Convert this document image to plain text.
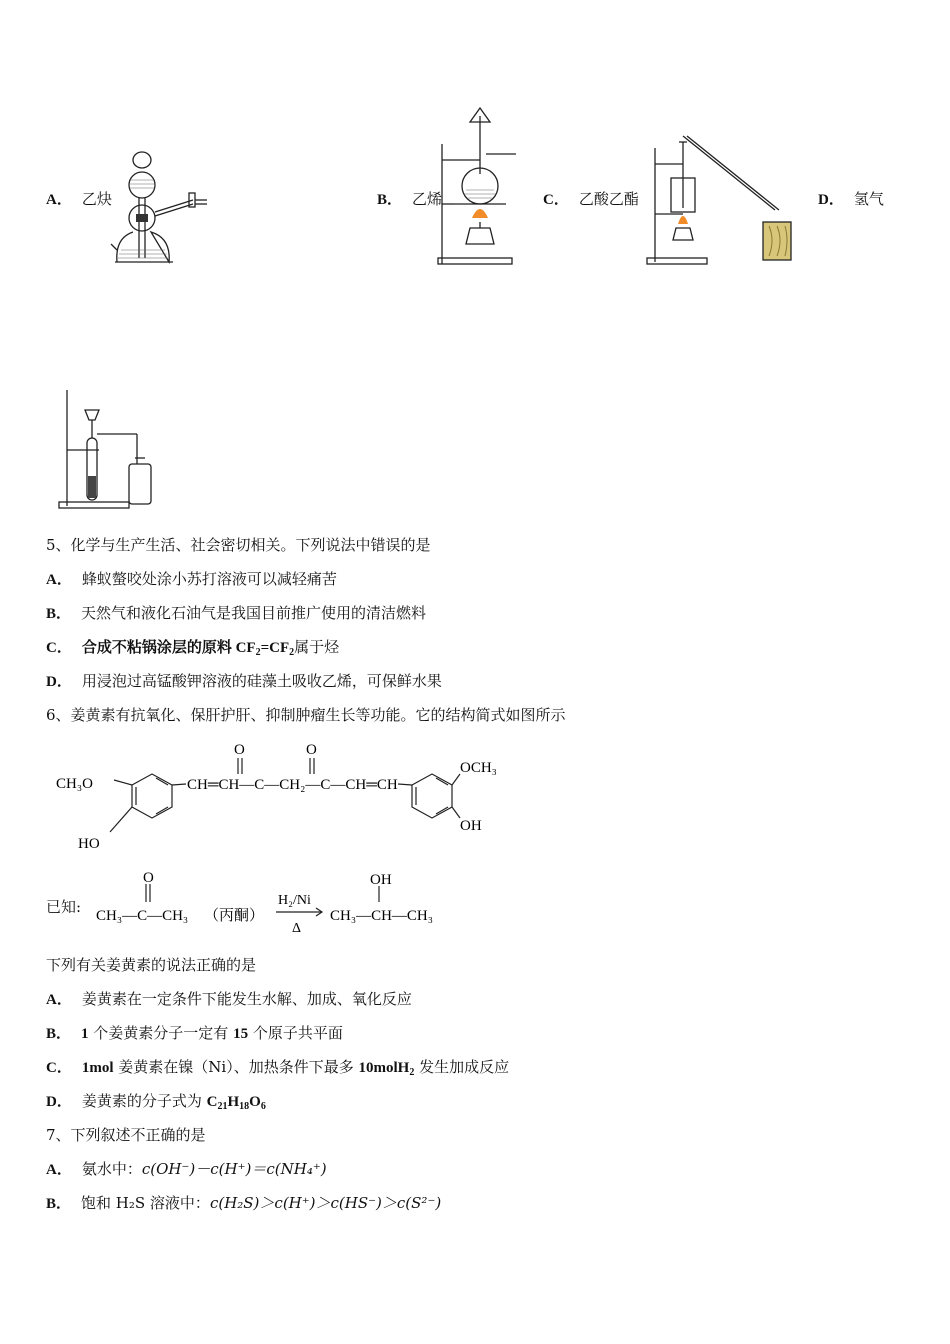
A． 乙炔	B． 乙烯	C． 乙酸乙酯	D． 氢气
5、化学与生产生活、社会密切相关。下列说法中错误的是
A． 蜂蚁螫咬处涂小苏打溶液可以减轻痛苦
B． 天然气和液化石油气是我国目前推广使用的清洁燃料
C． 合成不粘锅涂层的原料 $CF_2=CF_2$属于烃
D． 用浸泡过高锰酸钾溶液的硅藻土吸收乙烯，可保鲜水果
6、姜黄素有抗氧化、保肝护肝、抑制肿瘤生长等功能。它的结构简式如图所示
CH₃O
HO
O	O
CH═CH—C—CH₂—C—CH═CH
OCH₃
OH
已知:
O
CH₃—C—CH₃ （丙酮）
H₂/Ni
Δ
OH
CH₃—CH—CH₃
下列有关姜黄素的说法正确的是
A． 姜黄素在一定条件下能发生水解、加成、氧化反应
B． 1 个姜黄素分子一定有 15 个原子共平面
C． 1mol 姜黄素在镍（Ni）、加热条件下最多 10molH$_2$ 发生加成反应
D． 姜黄素的分子式为 $C_{21}H_{18}O_6$
7、下列叙述不正确的是
A． 氨水中：c(OH⁻)－c(H⁺)＝c(NH₄⁺)
B． 饱和 H₂S 溶液中：c(H₂S)＞c(H⁺)＞c(HS⁻)＞c(S²⁻)
